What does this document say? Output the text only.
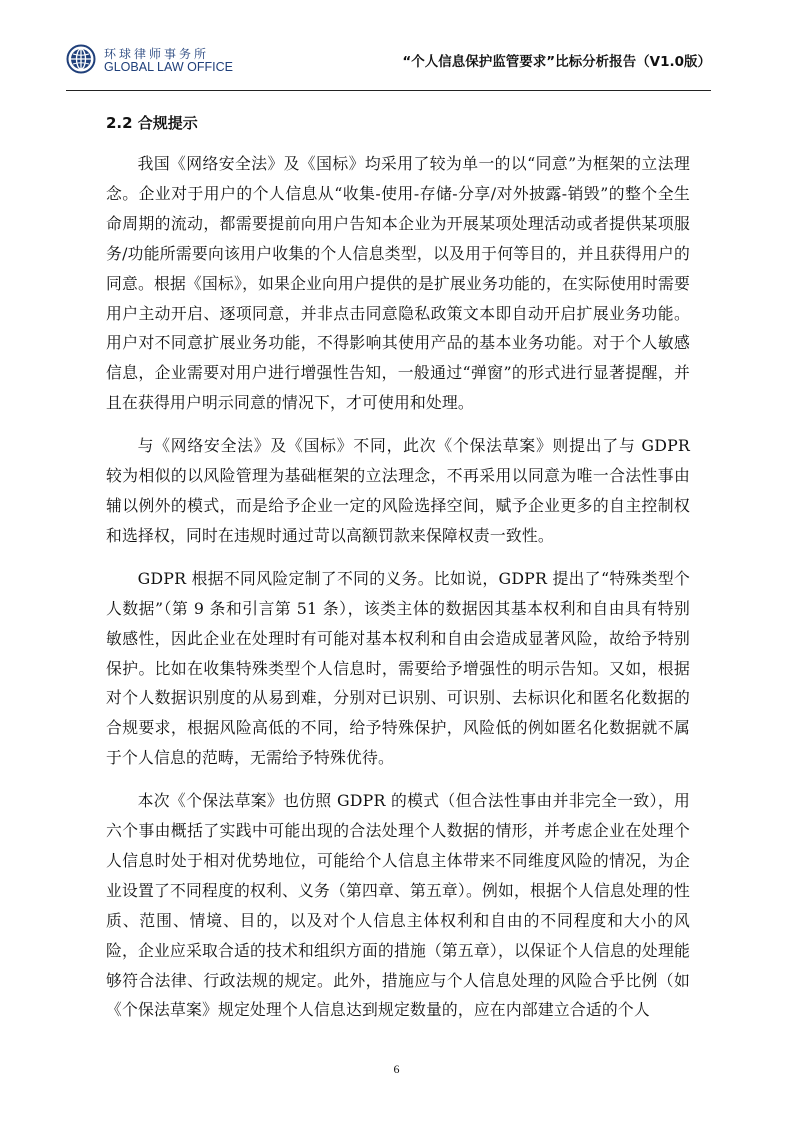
环球律师事务所
GLOBAL LAW OFFICE	“个人信息保护监管要求”比标分析报告（V1.0版）
2.2 合规提示

我国《网络安全法》及《国标》均采用了较为单一的以“同意”为框架的立法理念。企业对于用户的个人信息从“收集-使用-存储-分享/对外披露-销毁”的整个全生命周期的流动，都需要提前向用户告知本企业为开展某项处理活动或者提供某项服务/功能所需要向该用户收集的个人信息类型，以及用于何等目的，并且获得用户的同意。根据《国标》，如果企业向用户提供的是扩展业务功能的，在实际使用时需要用户主动开启、逐项同意，并非点击同意隐私政策文本即自动开启扩展业务功能。用户对不同意扩展业务功能，不得影响其使用产品的基本业务功能。对于个人敏感信息，企业需要对用户进行增强性告知，一般通过“弹窗”的形式进行显著提醒，并且在获得用户明示同意的情况下，才可使用和处理。

与《网络安全法》及《国标》不同，此次《个保法草案》则提出了与 GDPR 较为相似的以风险管理为基础框架的立法理念，不再采用以同意为唯一合法性事由辅以例外的模式，而是给予企业一定的风险选择空间，赋予企业更多的自主控制权和选择权，同时在违规时通过苛以高额罚款来保障权责一致性。

GDPR 根据不同风险定制了不同的义务。比如说，GDPR 提出了“特殊类型个人数据”（第 9 条和引言第 51 条），该类主体的数据因其基本权利和自由具有特别敏感性，因此企业在处理时有可能对基本权利和自由会造成显著风险，故给予特别保护。比如在收集特殊类型个人信息时，需要给予增强性的明示告知。又如，根据对个人数据识别度的从易到难，分别对已识别、可识别、去标识化和匿名化数据的合规要求，根据风险高低的不同，给予特殊保护，风险低的例如匿名化数据就不属于个人信息的范畴，无需给予特殊优待。

本次《个保法草案》也仿照 GDPR 的模式（但合法性事由并非完全一致），用六个事由概括了实践中可能出现的合法处理个人数据的情形，并考虑企业在处理个人信息时处于相对优势地位，可能给个人信息主体带来不同维度风险的情况，为企业设置了不同程度的权利、义务（第四章、第五章）。例如，根据个人信息处理的性质、范围、情境、目的，以及对个人信息主体权利和自由的不同程度和大小的风险，企业应采取合适的技术和组织方面的措施（第五章），以保证个人信息的处理能够符合法律、行政法规的规定。此外，措施应与个人信息处理的风险合乎比例（如《个保法草案》规定处理个人信息达到规定数量的，应在内部建立合适的个人

6
